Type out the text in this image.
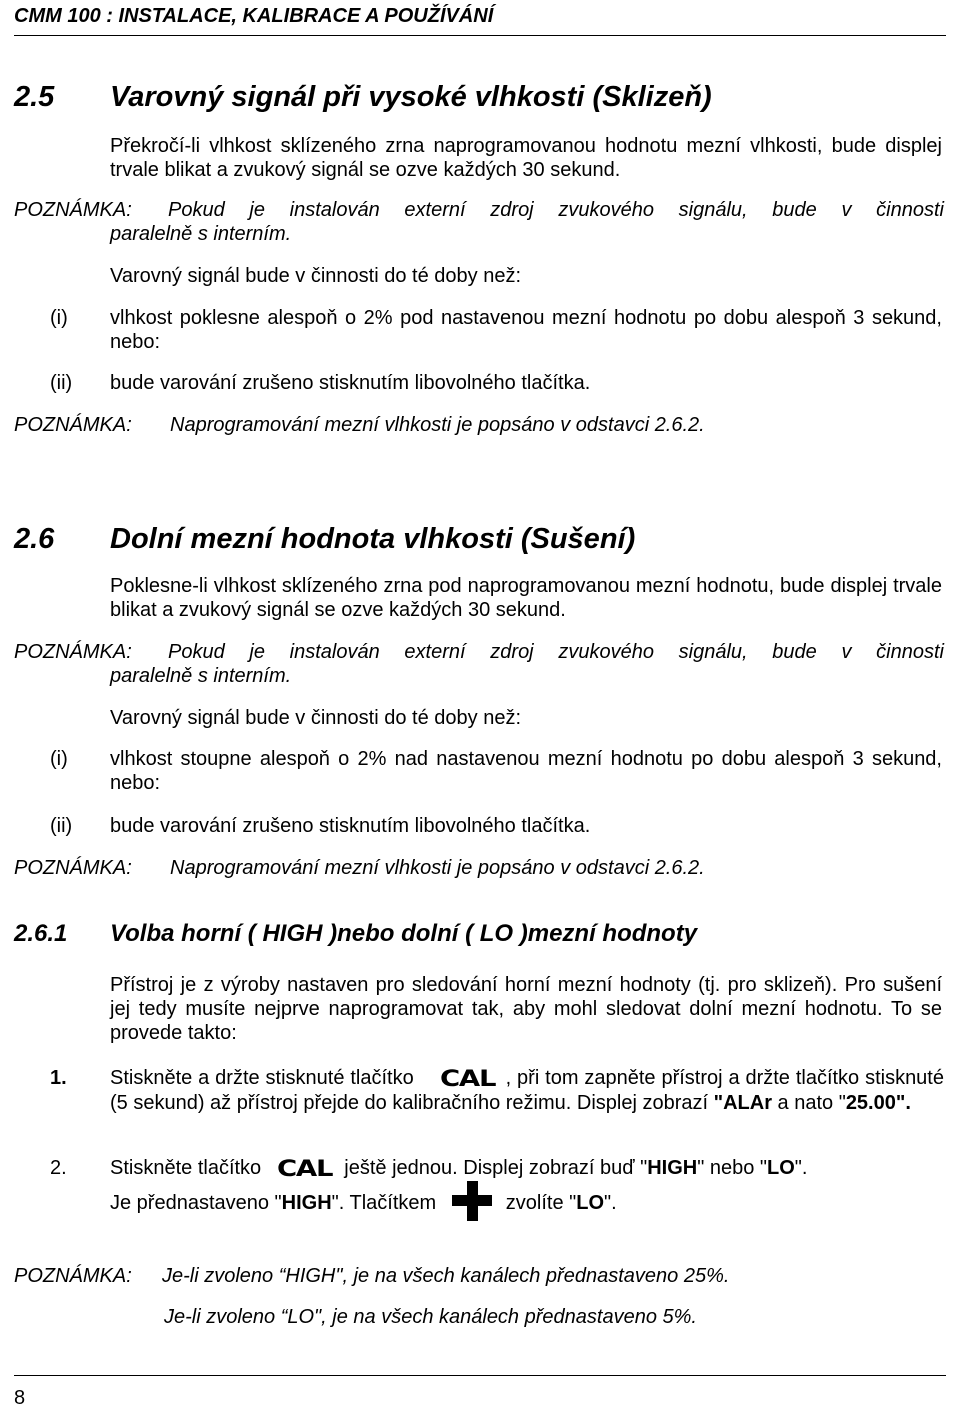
CMM 100 : INSTALACE, KALIBRACE A POUŽÍVÁNÍ
2.5 Varovný signál při vysoké vlhkosti (Sklizeň)
Překročí-li vlhkost sklízeného zrna naprogramovanou hodnotu mezní vlhkosti, bude displej trvale blikat a zvukový signál se ozve každých 30 sekund.
POZNÁMKA: Pokud je instalován externí zdroj zvukového signálu, bude v činnosti
paralelně s interním.
Varovný signál bude v činnosti do té doby než:
(i) vlhkost poklesne alespoň o 2% pod nastavenou mezní hodnotu po dobu alespoň 3 sekund, nebo:
(ii) bude varování zrušeno stisknutím libovolného tlačítka.
POZNÁMKA: Naprogramování mezní vlhkosti je popsáno v odstavci 2.6.2.
2.6 Dolní mezní hodnota vlhkosti (Sušení)
Poklesne-li vlhkost sklízeného zrna pod naprogramovanou mezní hodnotu, bude displej trvale blikat a zvukový signál se ozve každých 30 sekund.
POZNÁMKA: Pokud je instalován externí zdroj zvukového signálu, bude v činnosti
paralelně s interním.
Varovný signál bude v činnosti do té doby než:
(i) vlhkost stoupne alespoň o 2% nad nastavenou mezní hodnotu po dobu alespoň 3 sekund, nebo:
(ii) bude varování zrušeno stisknutím libovolného tlačítka.
POZNÁMKA: Naprogramování mezní vlhkosti je popsáno v odstavci 2.6.2.
2.6.1 Volba horní ( HIGH )nebo dolní ( LO )mezní hodnoty
Přístroj je z výroby nastaven pro sledování horní mezní hodnoty (tj. pro sklizeň). Pro sušení jej tedy musíte nejprve naprogramovat tak, aby mohl sledovat dolní mezní hodnotu. To se provede takto:
1. Stiskněte a držte stisknuté tlačítko CAL , při tom zapněte přístroj a držte tlačítko stisknuté (5 sekund) až přístroj přejde do kalibračního režimu. Displej zobrazí "ALAr a nato "25.00".
2. Stiskněte tlačítko CAL ještě jednou. Displej zobrazí buď "HIGH" nebo "LO".
Je přednastaveno "HIGH". Tlačítkem	zvolíte "LO".
POZNÁMKA: Je-li zvoleno “HIGH", je na všech kanálech přednastaveno 25%.
Je-li zvoleno “LO", je na všech kanálech přednastaveno 5%.
8
